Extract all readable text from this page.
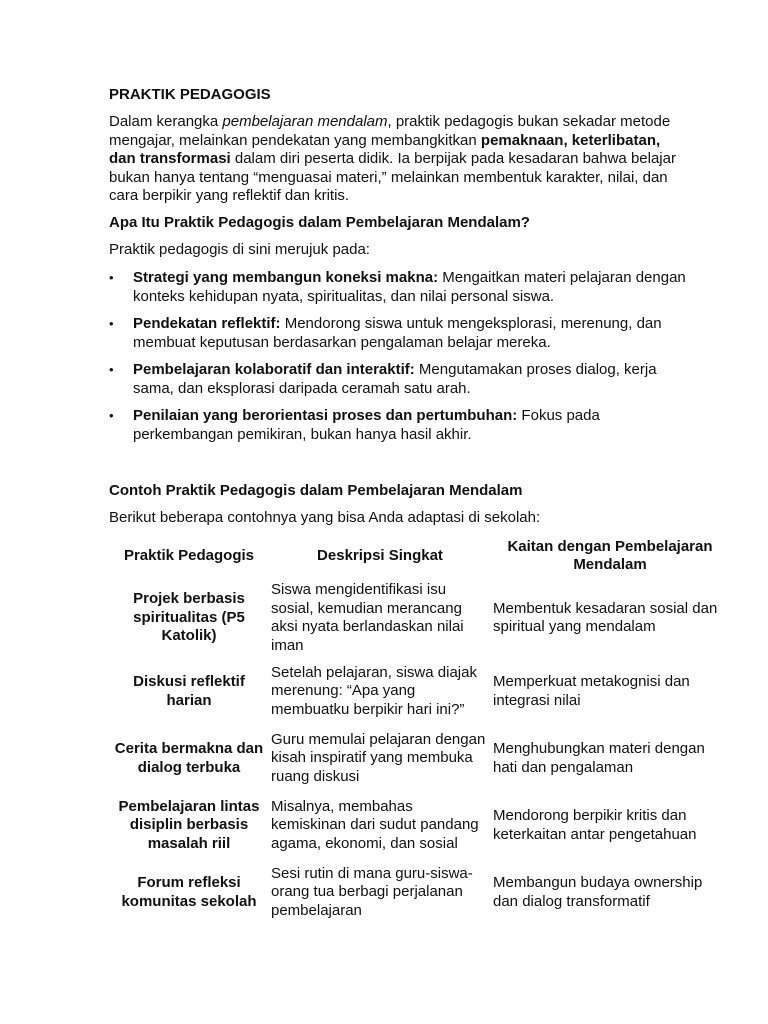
PRAKTIK PEDAGOGIS

Dalam kerangka pembelajaran mendalam, praktik pedagogis bukan sekadar metode mengajar, melainkan pendekatan yang membangkitkan pemaknaan, keterlibatan, dan transformasi dalam diri peserta didik. Ia berpijak pada kesadaran bahwa belajar bukan hanya tentang “menguasai materi,” melainkan membentuk karakter, nilai, dan cara berpikir yang reflektif dan kritis.

Apa Itu Praktik Pedagogis dalam Pembelajaran Mendalam?
Praktik pedagogis di sini merujuk pada:
• Strategi yang membangun koneksi makna: Mengaitkan materi pelajaran dengan konteks kehidupan nyata, spiritualitas, dan nilai personal siswa.
• Pendekatan reflektif: Mendorong siswa untuk mengeksplorasi, merenung, dan membuat keputusan berdasarkan pengalaman belajar mereka.
• Pembelajaran kolaboratif dan interaktif: Mengutamakan proses dialog, kerja sama, dan eksplorasi daripada ceramah satu arah.
• Penilaian yang berorientasi proses dan pertumbuhan: Fokus pada perkembangan pemikiran, bukan hanya hasil akhir.
Contoh Praktik Pedagogis dalam Pembelajaran Mendalam
Berikut beberapa contohnya yang bisa Anda adaptasi di sekolah:
Praktik Pedagogis	Deskripsi Singkat	Kaitan dengan Pembelajaran Mendalam
Projek berbasis spiritualitas (P5 Katolik)	Siswa mengidentifikasi isu sosial, kemudian merancang aksi nyata berlandaskan nilai iman	Membentuk kesadaran sosial dan spiritual yang mendalam
Diskusi reflektif harian	Setelah pelajaran, siswa diajak merenung: “Apa yang membuatku berpikir hari ini?”	Memperkuat metakognisi dan integrasi nilai
Cerita bermakna dan dialog terbuka	Guru memulai pelajaran dengan kisah inspiratif yang membuka ruang diskusi	Menghubungkan materi dengan hati dan pengalaman
Pembelajaran lintas disiplin berbasis masalah riil	Misalnya, membahas kemiskinan dari sudut pandang agama, ekonomi, dan sosial	Mendorong berpikir kritis dan keterkaitan antar pengetahuan
Forum refleksi komunitas sekolah	Sesi rutin di mana guru-siswa-orang tua berbagi perjalanan pembelajaran	Membangun budaya ownership dan dialog transformatif
